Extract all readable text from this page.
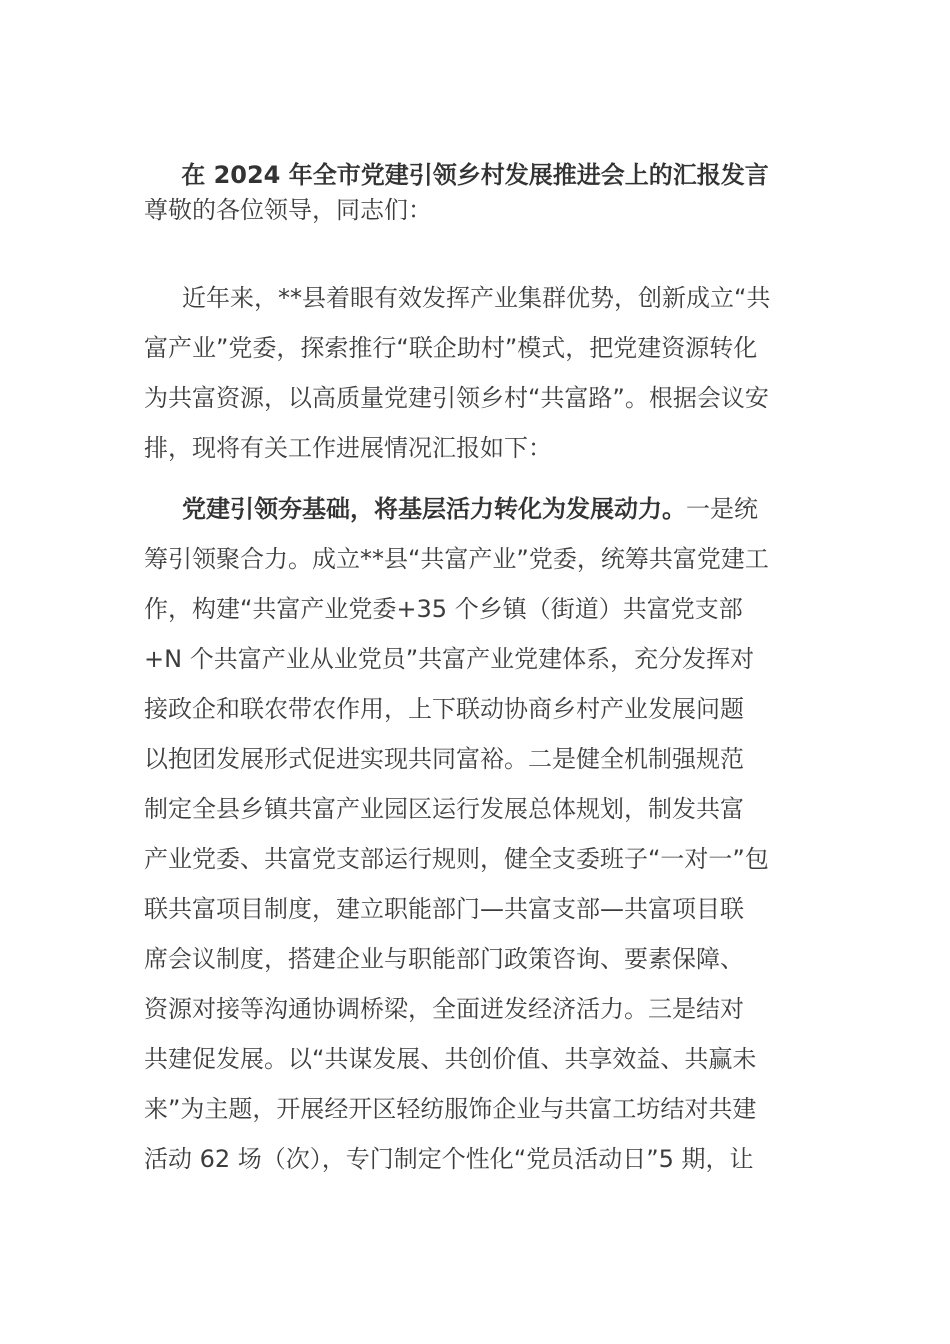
在 2024 年全市党建引领乡村发展推进会上的汇报发言
尊敬的各位领导，同志们：
近年来，**县着眼有效发挥产业集群优势，创新成立“共
富产业”党委，探索推行“联企助村”模式，把党建资源转化
为共富资源，以高质量党建引领乡村“共富路”。根据会议安
排，现将有关工作进展情况汇报如下：
党建引领夯基础，将基层活力转化为发展动力。一是统
筹引领聚合力。成立**县“共富产业”党委，统筹共富党建工
作，构建“共富产业党委+35 个乡镇（街道）共富党支部
+N 个共富产业从业党员”共富产业党建体系，充分发挥对
接政企和联农带农作用，上下联动协商乡村产业发展问题
以抱团发展形式促进实现共同富裕。二是健全机制强规范
制定全县乡镇共富产业园区运行发展总体规划，制发共富
产业党委、共富党支部运行规则，健全支委班子“一对一”包
联共富项目制度，建立职能部门—共富支部—共富项目联
席会议制度，搭建企业与职能部门政策咨询、要素保障、
资源对接等沟通协调桥梁，全面迸发经济活力。三是结对
共建促发展。以“共谋发展、共创价值、共享效益、共赢未
来”为主题，开展经开区轻纺服饰企业与共富工坊结对共建
活动 62 场（次），专门制定个性化“党员活动日”5 期，让
